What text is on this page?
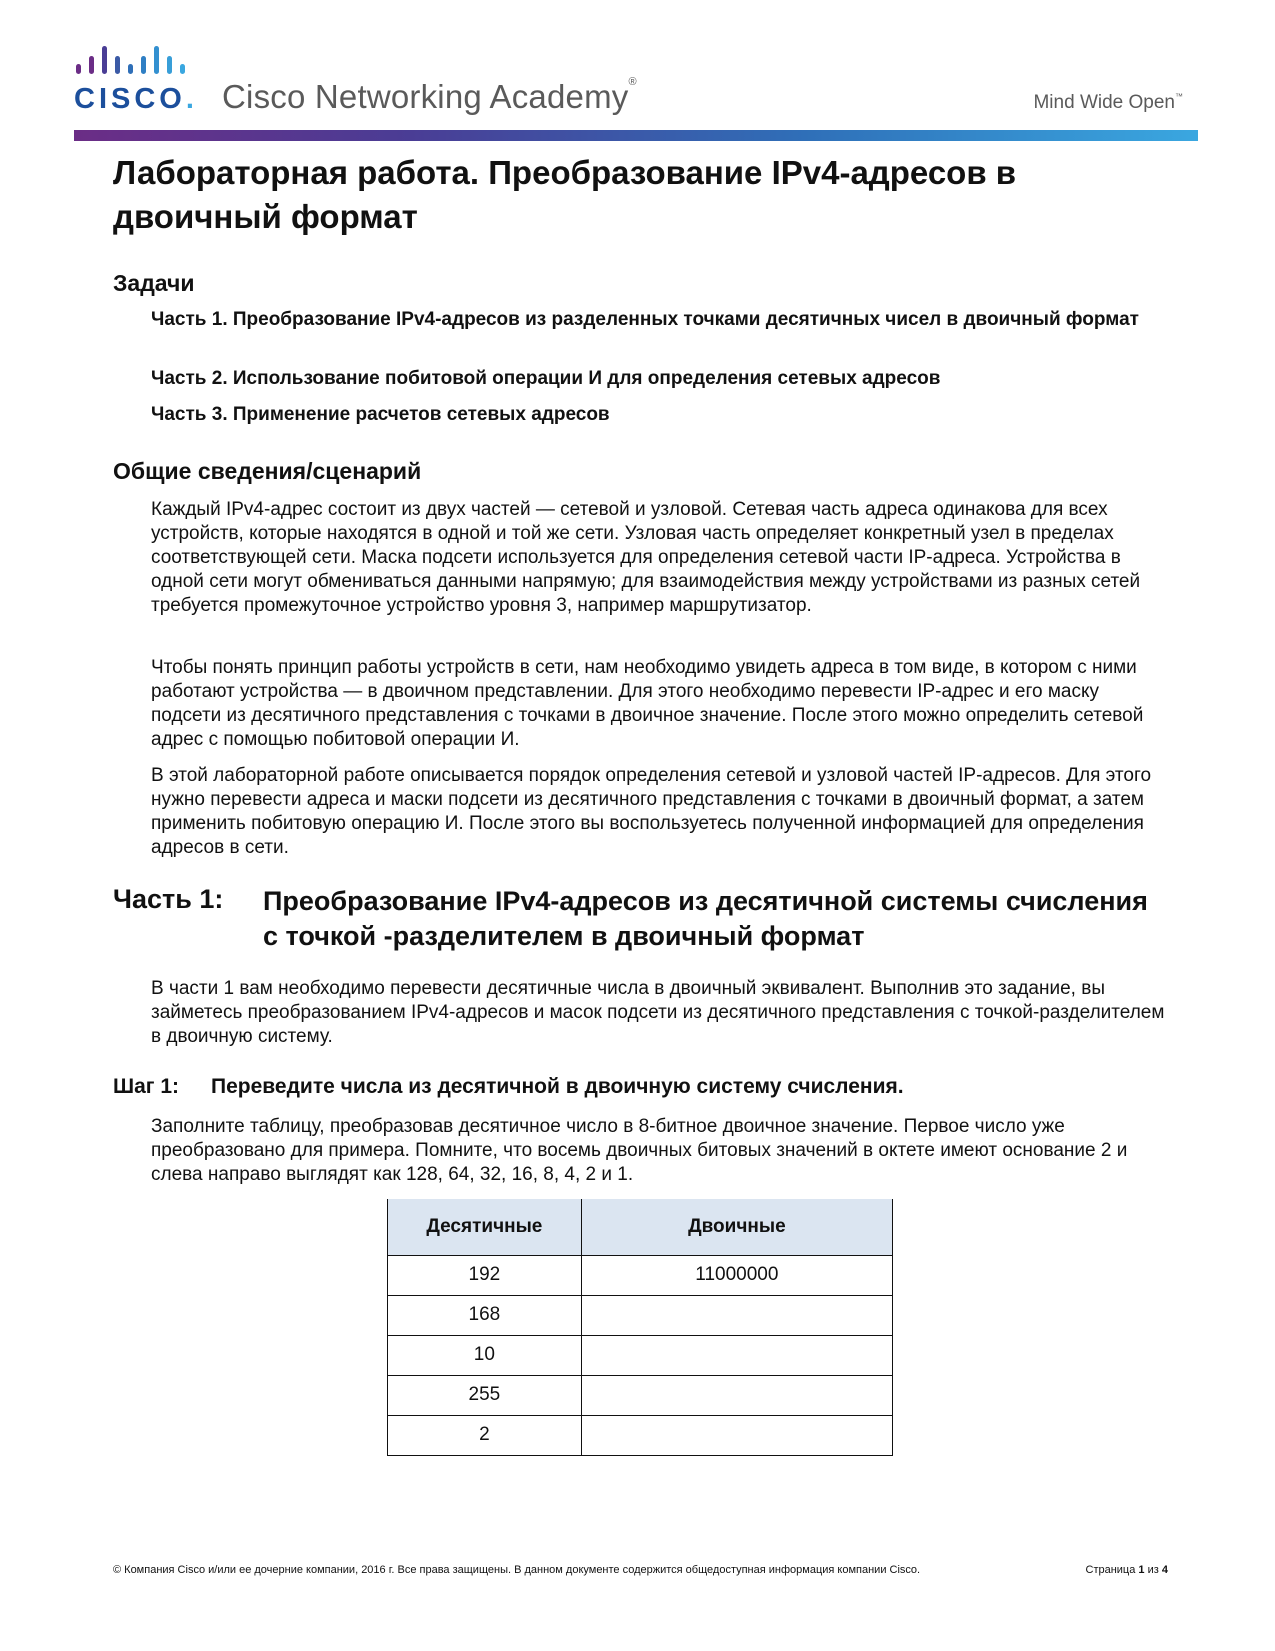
CISCO. Cisco Networking Academy®
Mind Wide Open™
Лабораторная работа. Преобразование IPv4-адресов в двоичный формат
Задачи
Часть 1. Преобразование IPv4-адресов из разделенных точками десятичных чисел в двоичный формат
Часть 2. Использование побитовой операции И для определения сетевых адресов
Часть 3. Применение расчетов сетевых адресов
Общие сведения/сценарий

Каждый IPv4-адрес состоит из двух частей — сетевой и узловой. Сетевая часть адреса одинакова для всех устройств, которые находятся в одной и той же сети. Узловая часть определяет конкретный узел в пределах соответствующей сети. Маска подсети используется для определения сетевой части IP-адреса. Устройства в одной сети могут обмениваться данными напрямую; для взаимодействия между устройствами из разных сетей требуется промежуточное устройство уровня 3, например маршрутизатор.

Чтобы понять принцип работы устройств в сети, нам необходимо увидеть адреса в том виде, в котором с ними работают устройства — в двоичном представлении. Для этого необходимо перевести IP-адрес и его маску подсети из десятичного представления с точками в двоичное значение. После этого можно определить сетевой адрес с помощью побитовой операции И.

В этой лабораторной работе описывается порядок определения сетевой и узловой частей IP-адресов. Для этого нужно перевести адреса и маски подсети из десятичного представления с точками в двоичный формат, а затем применить побитовую операцию И. После этого вы воспользуетесь полученной информацией для определения адресов в сети.

Часть 1: Преобразование IPv4-адресов из десятичной системы счисления с точкой -разделителем в двоичный формат

В части 1 вам необходимо перевести десятичные числа в двоичный эквивалент. Выполнив это задание, вы займетесь преобразованием IPv4-адресов и масок подсети из десятичного представления с точкой-разделителем в двоичную систему.

Шаг 1: Переведите числа из десятичной в двоичную систему счисления.

Заполните таблицу, преобразовав десятичное число в 8-битное двоичное значение. Первое число уже преобразовано для примера. Помните, что восемь двоичных битовых значений в октете имеют основание 2 и слева направо выглядят как 128, 64, 32, 16, 8, 4, 2 и 1.

Десятичные	Двоичные
192	11000000
168	
10	
255	
2	
© Компания Cisco и/или ее дочерние компании, 2016 г. Все права защищены. В данном документе содержится общедоступная информация компании Cisco.	Страница 1 из 4
